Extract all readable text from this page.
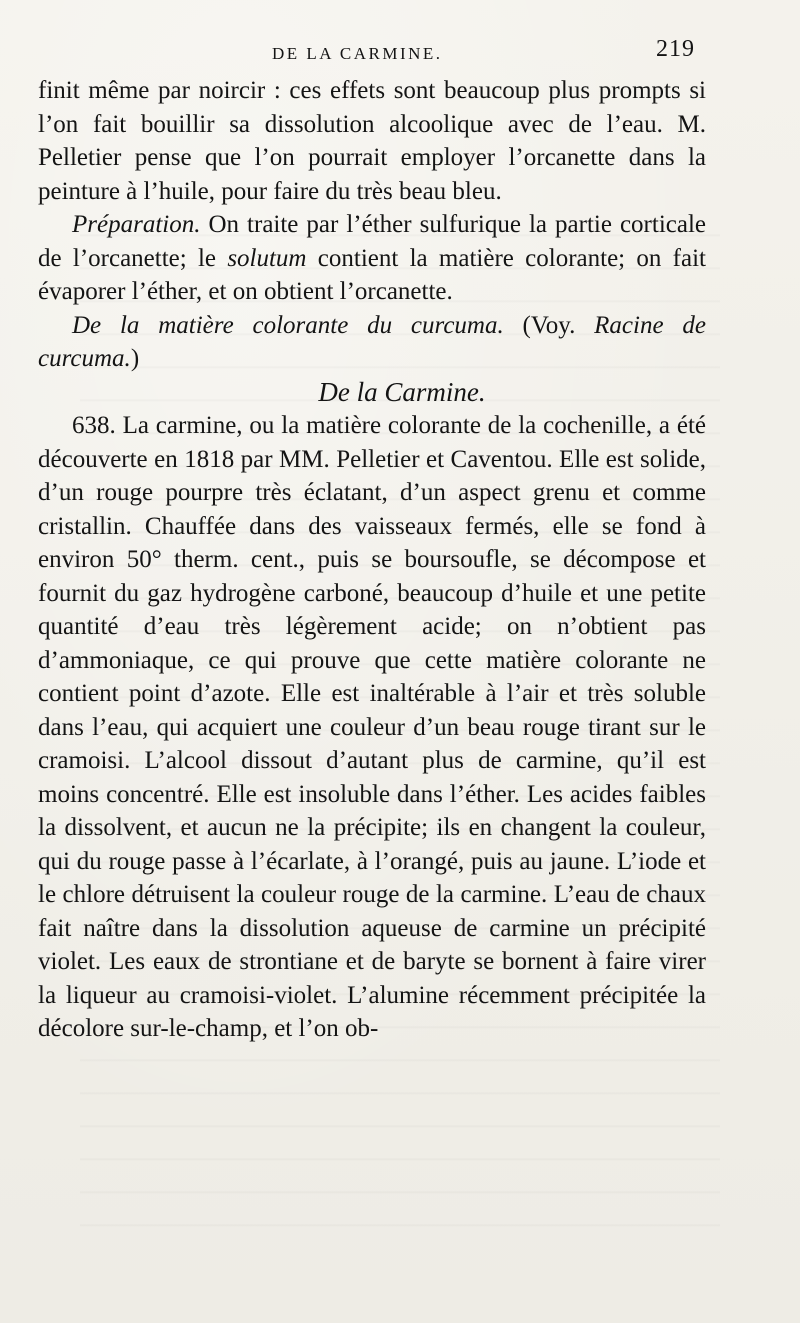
DE LA CARMINE.	219

finit même par noircir : ces effets sont beaucoup plus prompts si l’on fait bouillir sa dissolution alcoolique avec de l’eau. M. Pelletier pense que l’on pourrait employer l’orcanette dans la peinture à l’huile, pour faire du très beau bleu.

Préparation. On traite par l’éther sulfurique la partie corticale de l’orcanette; le solutum contient la matière colorante; on fait évaporer l’éther, et on obtient l’orcanette.

De la matière colorante du curcuma. (Voy. Racine de curcuma.)

De la Carmine.

638. La carmine, ou la matière colorante de la cochenille, a été découverte en 1818 par MM. Pelletier et Caventou. Elle est solide, d’un rouge pourpre très éclatant, d’un aspect grenu et comme cristallin. Chauffée dans des vaisseaux fermés, elle se fond à environ 50° therm. cent., puis se boursoufle, se décompose et fournit du gaz hydrogène carboné, beaucoup d’huile et une petite quantité d’eau très légèrement acide; on n’obtient pas d’ammoniaque, ce qui prouve que cette matière colorante ne contient point d’azote. Elle est inaltérable à l’air et très soluble dans l’eau, qui acquiert une couleur d’un beau rouge tirant sur le cramoisi. L’alcool dissout d’autant plus de carmine, qu’il est moins concentré. Elle est insoluble dans l’éther. Les acides faibles la dissolvent, et aucun ne la précipite; ils en changent la couleur, qui du rouge passe à l’écarlate, à l’orangé, puis au jaune. L’iode et le chlore détruisent la couleur rouge de la carmine. L’eau de chaux fait naître dans la dissolution aqueuse de carmine un précipité violet. Les eaux de strontiane et de baryte se bornent à faire virer la liqueur au cramoisi-violet. L’alumine récemment précipitée la décolore sur-le-champ, et l’on ob-
